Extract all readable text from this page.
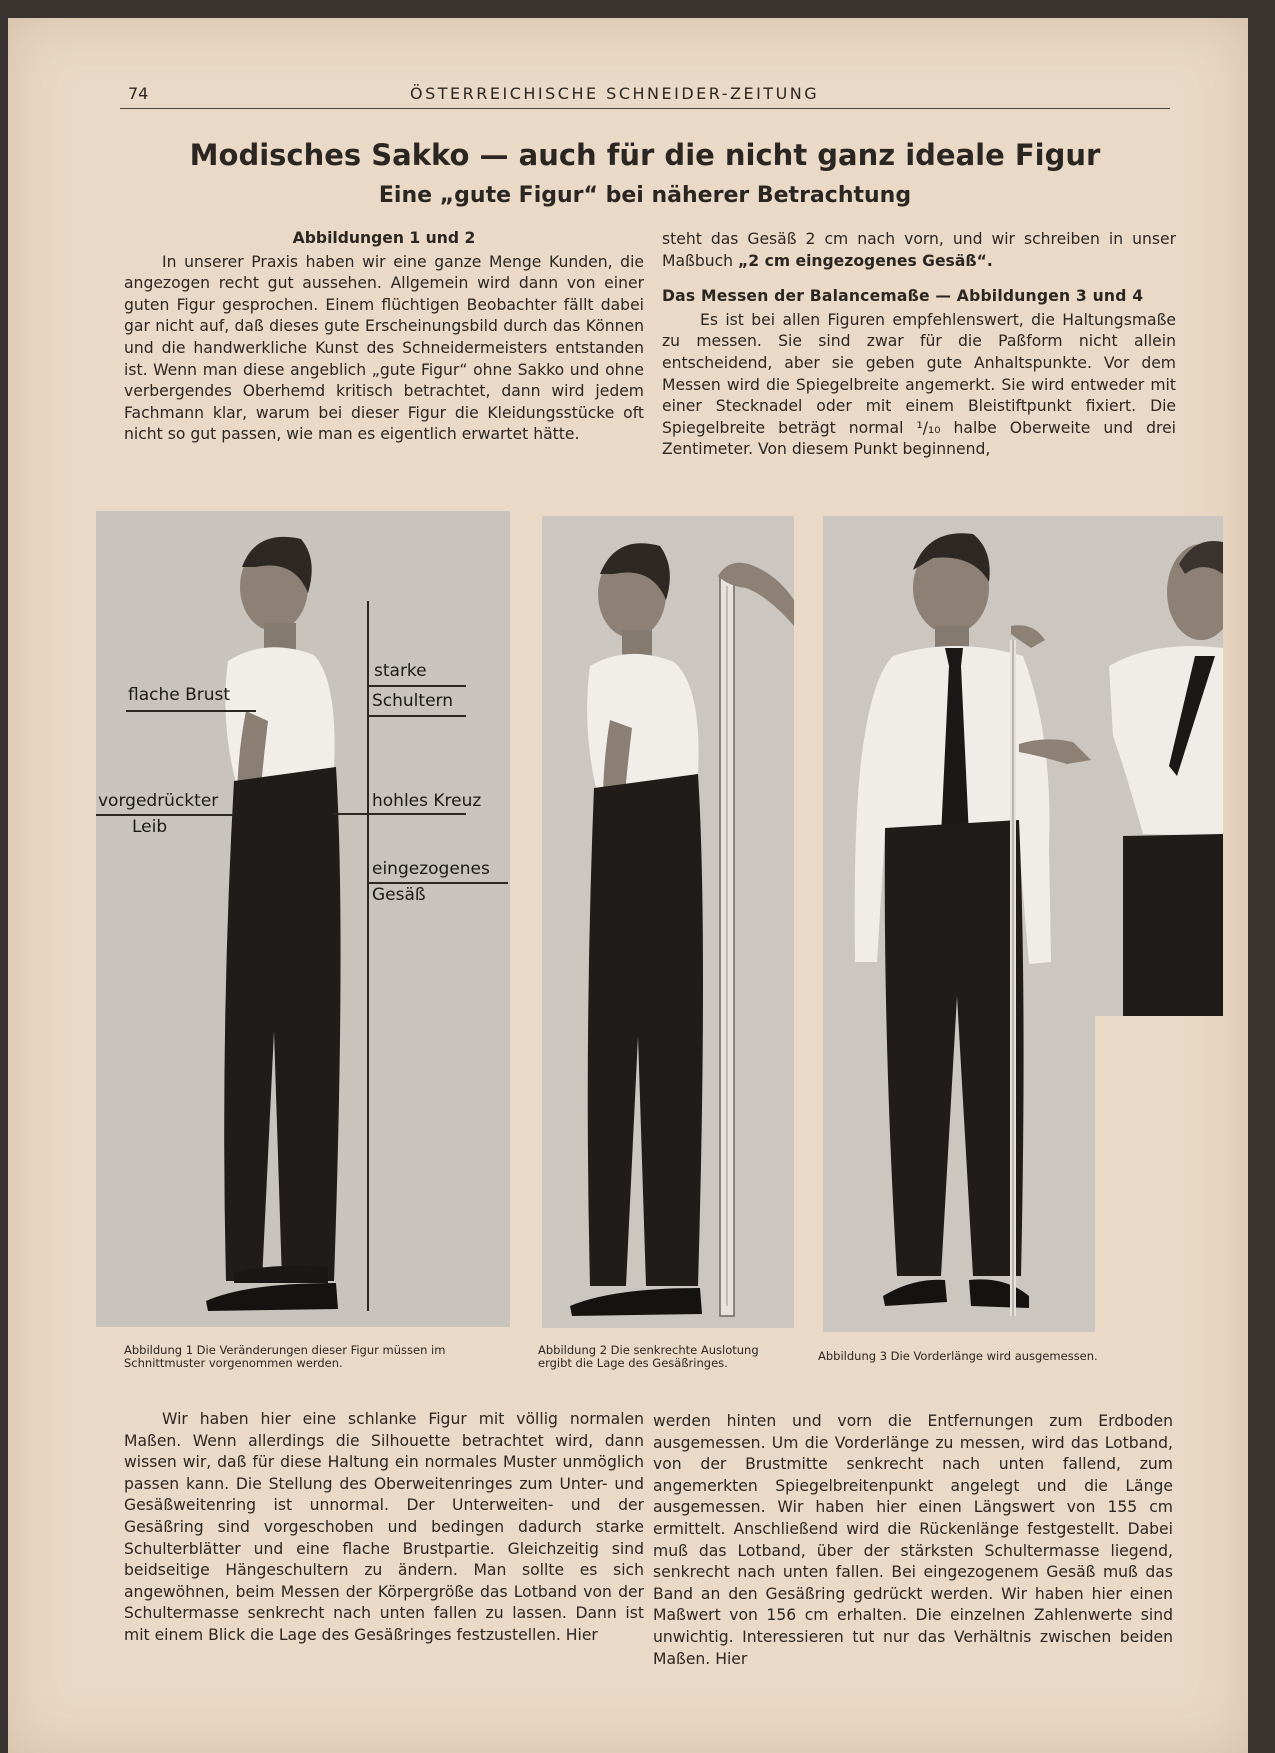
74	ÖSTERREICHISCHE SCHNEIDER-ZEITUNG
Modisches Sakko — auch für die nicht ganz ideale Figur
Eine „gute Figur“ bei näherer Betrachtung
Abbildungen 1 und 2

In unserer Praxis haben wir eine ganze Menge Kunden, die angezogen recht gut aussehen. Allgemein wird dann von einer guten Figur gesprochen. Einem flüchtigen Beobachter fällt dabei gar nicht auf, daß dieses gute Erscheinungsbild durch das Können und die handwerkliche Kunst des Schneidermeisters entstanden ist. Wenn man diese angeblich „gute Figur“ ohne Sakko und ohne verbergendes Oberhemd kritisch betrachtet, dann wird jedem Fachmann klar, warum bei dieser Figur die Kleidungsstücke oft nicht so gut passen, wie man es eigentlich erwartet hätte.

steht das Gesäß 2 cm nach vorn, und wir schreiben in unser Maßbuch „2 cm eingezogenes Gesäß“.

Das Messen der Balancemaße — Abbildungen 3 und 4

Es ist bei allen Figuren empfehlenswert, die Haltungsmaße zu messen. Sie sind zwar für die Paßform nicht allein entscheidend, aber sie geben gute Anhaltspunkte. Vor dem Messen wird die Spiegelbreite angemerkt. Sie wird entweder mit einer Stecknadel oder mit einem Bleistiftpunkt fixiert. Die Spiegelbreite beträgt normal ¹/₁₀ halbe Oberweite und drei Zentimeter. Von diesem Punkt beginnend,

flache Brust
starke
Schultern
vorgedrückter
Leib
hohles Kreuz
eingezogenes
Gesäß
Abbildung 1 Die Veränderungen dieser Figur müssen im Schnittmuster vorgenommen werden.
Abbildung 2 Die senkrechte Auslotung ergibt die Lage des Gesäßringes.	Abbildung 3 Die Vorderlänge wird ausgemessen.

Wir haben hier eine schlanke Figur mit völlig normalen Maßen. Wenn allerdings die Silhouette betrachtet wird, dann wissen wir, daß für diese Haltung ein normales Muster unmöglich passen kann. Die Stellung des Oberweitenringes zum Unter- und Gesäßweitenring ist unnormal. Der Unterweiten- und der Gesäßring sind vorgeschoben und bedingen dadurch starke Schulterblätter und eine flache Brustpartie. Gleichzeitig sind beidseitige Hängeschultern zu ändern. Man sollte es sich angewöhnen, beim Messen der Körpergröße das Lotband von der Schultermasse senkrecht nach unten fallen zu lassen. Dann ist mit einem Blick die Lage des Gesäßringes festzustellen. Hier

werden hinten und vorn die Entfernungen zum Erdboden ausgemessen. Um die Vorderlänge zu messen, wird das Lotband, von der Brustmitte senkrecht nach unten fallend, zum angemerkten Spiegelbreitenpunkt angelegt und die Länge ausgemessen. Wir haben hier einen Längswert von 155 cm ermittelt. Anschließend wird die Rückenlänge festgestellt. Dabei muß das Lotband, über der stärksten Schultermasse liegend, senkrecht nach unten fallen. Bei eingezogenem Gesäß muß das Band an den Gesäßring gedrückt werden. Wir haben hier einen Maßwert von 156 cm erhalten. Die einzelnen Zahlenwerte sind unwichtig. Interessieren tut nur das Verhältnis zwischen beiden Maßen. Hier
